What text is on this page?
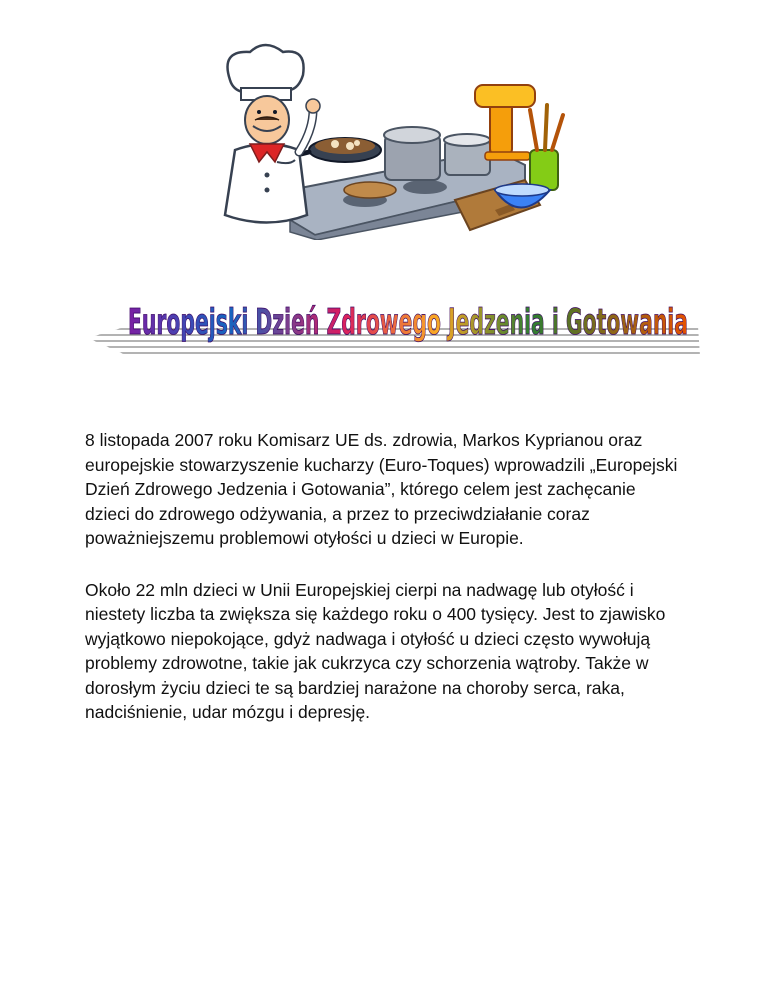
Europejski Dzień Zdrowego Jedzenia i Gotowania

8 listopada 2007 roku Komisarz UE ds. zdrowia, Markos Kyprianou oraz europejskie stowarzyszenie kucharzy (Euro-Toques) wprowadzili „Europejski Dzień Zdrowego Jedzenia i Gotowania”, którego celem jest zachęcanie dzieci do zdrowego odżywania, a przez to przeciwdziałanie coraz poważniejszemu problemowi otyłości u dzieci w Europie.

Około 22 mln dzieci w Unii Europejskiej cierpi na nadwagę lub otyłość i niestety liczba ta zwiększa się każdego roku o 400 tysięcy. Jest to zjawisko wyjątkowo niepokojące, gdyż nadwaga i otyłość u dzieci często wywołują problemy zdrowotne, takie jak cukrzyca czy schorzenia wątroby. Także w dorosłym życiu dzieci te są bardziej narażone na choroby serca, raka, nadciśnienie, udar mózgu i depresję.
